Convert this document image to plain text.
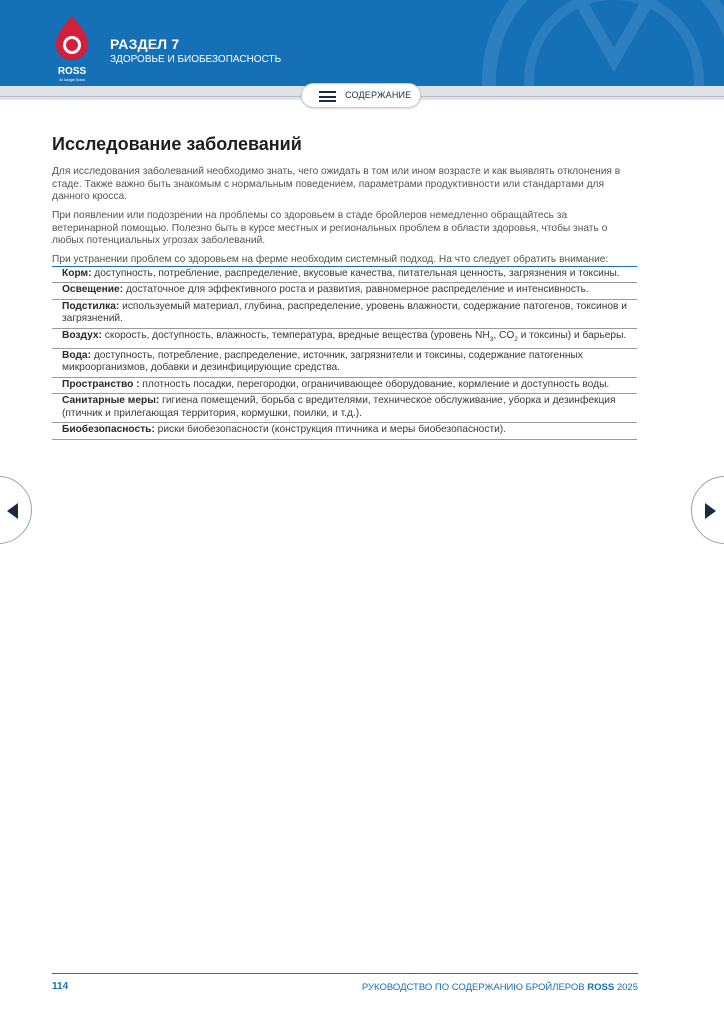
ROSS
An Aviagen Brand
РАЗДЕЛ 7
ЗДОРОВЬЕ И БИОБЕЗОПАСНОСТЬ
СОДЕРЖАНИЕ
Исследование заболеваний

Для исследования заболеваний необходимо знать, чего ожидать в том или ином возрасте и как выявлять отклонения в стаде. Также важно быть знакомым с нормальным поведением, параметрами продуктивности или стандартами для данного кросса.

При появлении или подозрении на проблемы со здоровьем в стаде бройлеров немедленно обращайтесь за ветеринарной помощью. Полезно быть в курсе местных и региональных проблем в области здоровья, чтобы знать о любых потенциальных угрозах заболеваний.

При устранении проблем со здоровьем на ферме необходим системный подход. На что следует обратить внимание:

Корм: доступность, потребление, распределение, вкусовые качества, питательная ценность, загрязнения и токсины.
Освещение: достаточное для эффективного роста и развития, равномерное распределение и интенсивность.
Подстилка: используемый материал, глубина, распределение, уровень влажности, содержание патогенов, токсинов и загрязнений.
Воздух: скорость, доступность, влажность, температура, вредные вещества (уровень $NH_3$, $CO_2$ и токсины) и барьеры.
Вода: доступность, потребление, распределение, источник, загрязнители и токсины, содержание патогенных микроорганизмов, добавки и дезинфицирующие средства.
Пространство : плотность посадки, перегородки, ограничивающее оборудование, кормление и доступность воды.
Санитарные меры: гигиена помещений, борьба с вредителями, техническое обслуживание, уборка и дезинфекция (птичник и прилегающая территория, кормушки, поилки, и т.д.).
Биобезопасность: риски биобезопасности (конструкция птичника и меры биобезопасности).
114	РУКОВОДСТВО ПО СОДЕРЖАНИЮ БРОЙЛЕРОВ ROSS 2025
